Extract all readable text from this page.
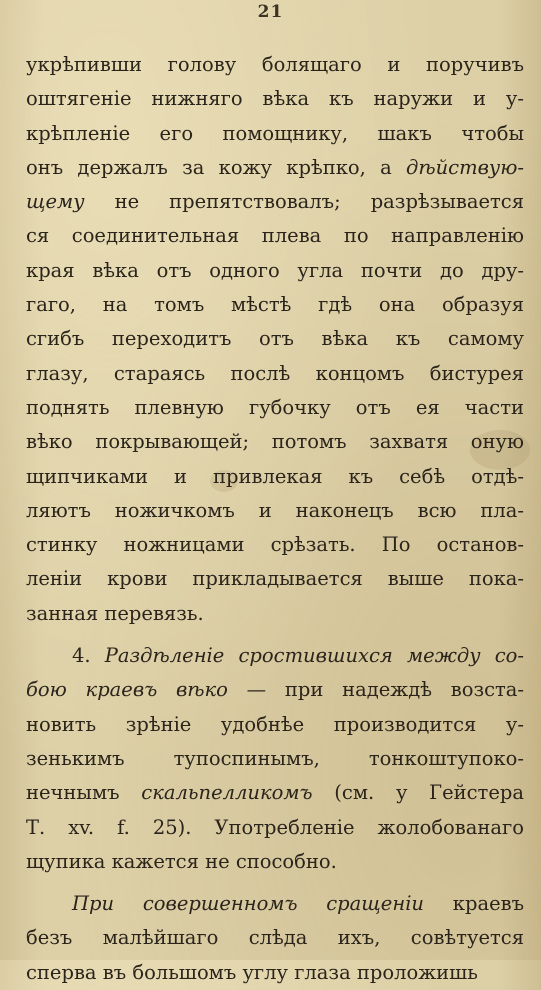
21
укрѣпивши голову болящаго и поручивъ
оштягеніе нижняго вѣка къ наружи и у-
крѣпленіе его помощнику, шакъ чтобы
онъ держалъ за кожу крѣпко, а дѣйствую-
щему не препятствовалъ; разрѣзывается
ся соединительная плева по направленію
края вѣка отъ одного угла почти до дру-
гаго, на томъ мѣстѣ гдѣ она образуя
сгибъ переходитъ отъ вѣка къ самому
глазу, стараясь послѣ концомъ бистурея
поднять плевную губочку отъ ея части
вѣко покрывающей; потомъ захватя оную
щипчиками и привлекая къ себѣ отдѣ-
ляютъ ножичкомъ и наконецъ всю пла-
стинку ножницами срѣзать. По останов-
леніи крови прикладывается выше пока-
занная перевязь.
4. Раздѣленіе сростившихся между со-
бою краевъ вѣко — при надеждѣ возста-
новить зрѣніе удобнѣе производится у-
зенькимъ тупоспинымъ, тонкоштупоко-
нечнымъ скальпелликомъ (см. у Гейстера
Т. xv. f. 25). Употребленіе жолобованаго
щупика кажется не способно.
При совершенномъ сращеніи краевъ
безъ малѣйшаго слѣда ихъ, совѣтуется
сперва въ большомъ углу глаза проложишь
